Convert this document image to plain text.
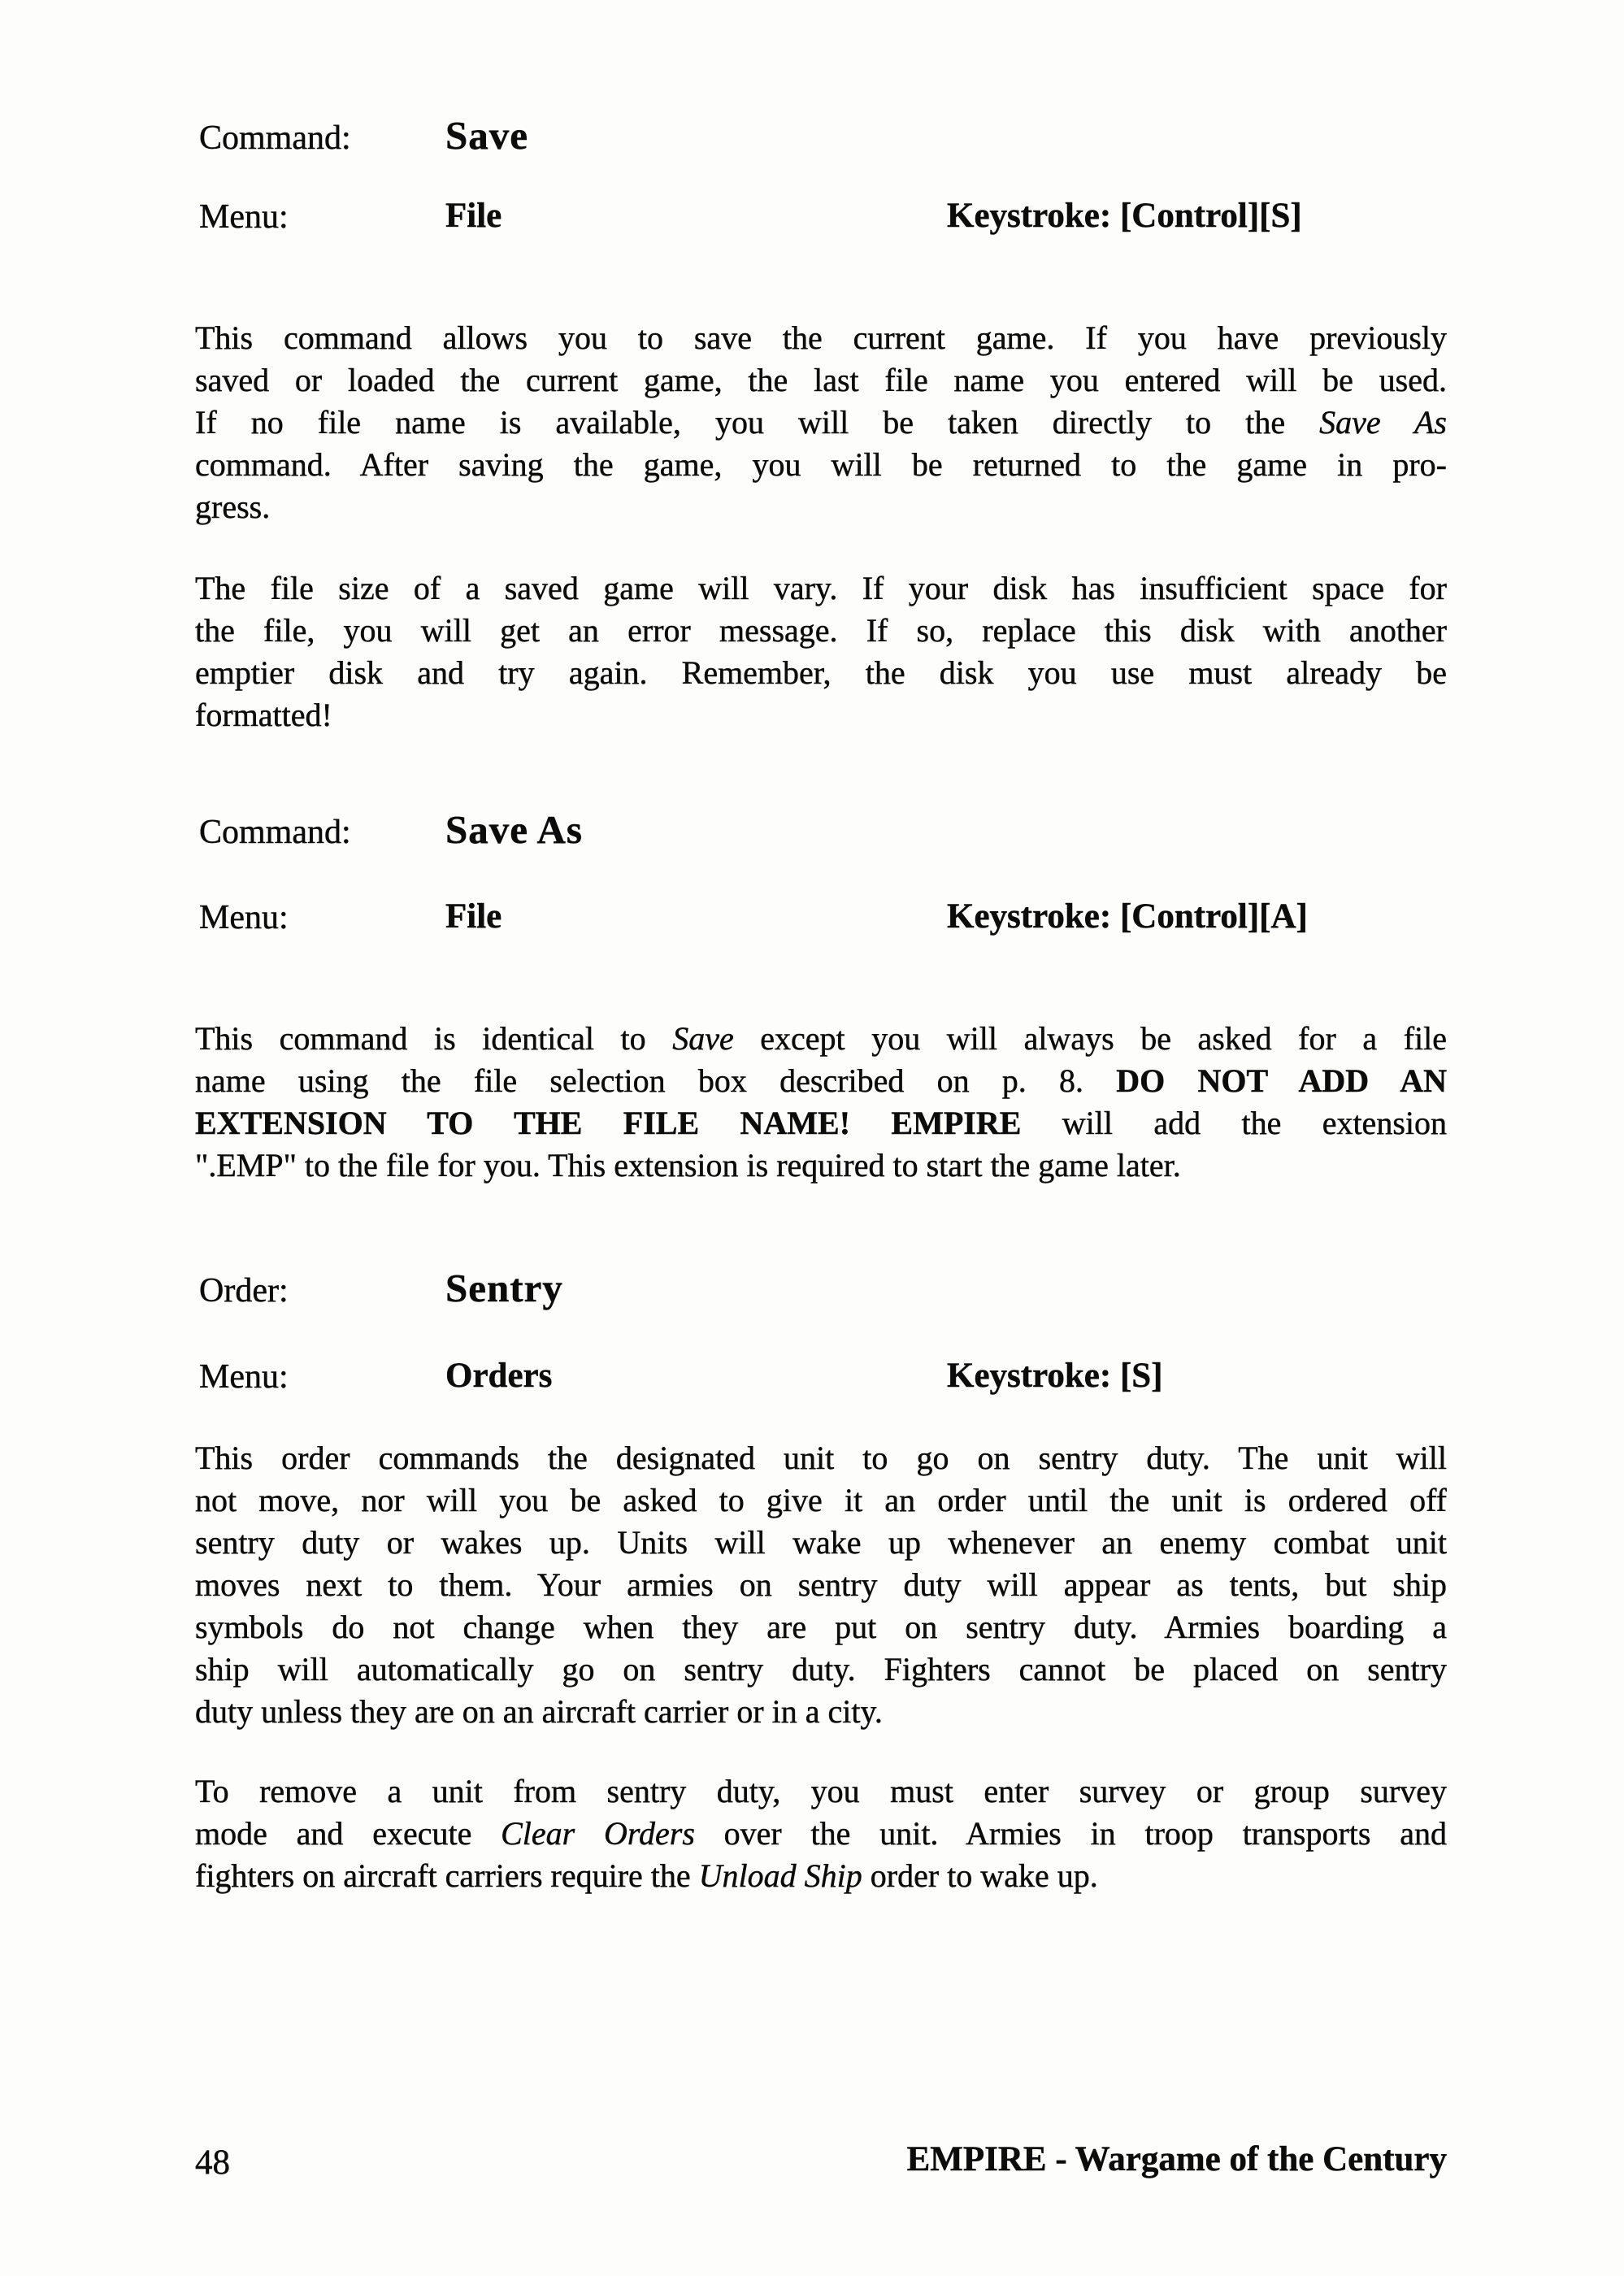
Command: Save
Menu:	File	Keystroke: [Control][S]
This command allows you to save the current game. If you have previously
saved or loaded the current game, the last file name you entered will be used.
If no file name is available, you will be taken directly to the Save As
command. After saving the game, you will be returned to the game in pro-
gress.
The file size of a saved game will vary. If your disk has insufficient space for
the file, you will get an error message. If so, replace this disk with another
emptier disk and try again. Remember, the disk you use must already be
formatted!
Command: Save As
Menu:	File	Keystroke: [Control][A]
This command is identical to Save except you will always be asked for a file
name using the file selection box described on p. 8. DO NOT ADD AN
EXTENSION TO THE FILE NAME! EMPIRE will add the extension
".EMP" to the file for you. This extension is required to start the game later.
Order:	Sentry
Menu:	Orders	Keystroke: [S]
This order commands the designated unit to go on sentry duty. The unit will
not move, nor will you be asked to give it an order until the unit is ordered off
sentry duty or wakes up. Units will wake up whenever an enemy combat unit
moves next to them. Your armies on sentry duty will appear as tents, but ship
symbols do not change when they are put on sentry duty. Armies boarding a
ship will automatically go on sentry duty. Fighters cannot be placed on sentry
duty unless they are on an aircraft carrier or in a city.
To remove a unit from sentry duty, you must enter survey or group survey
mode and execute Clear Orders over the unit. Armies in troop transports and
fighters on aircraft carriers require the Unload Ship order to wake up.
48	EMPIRE - Wargame of the Century
